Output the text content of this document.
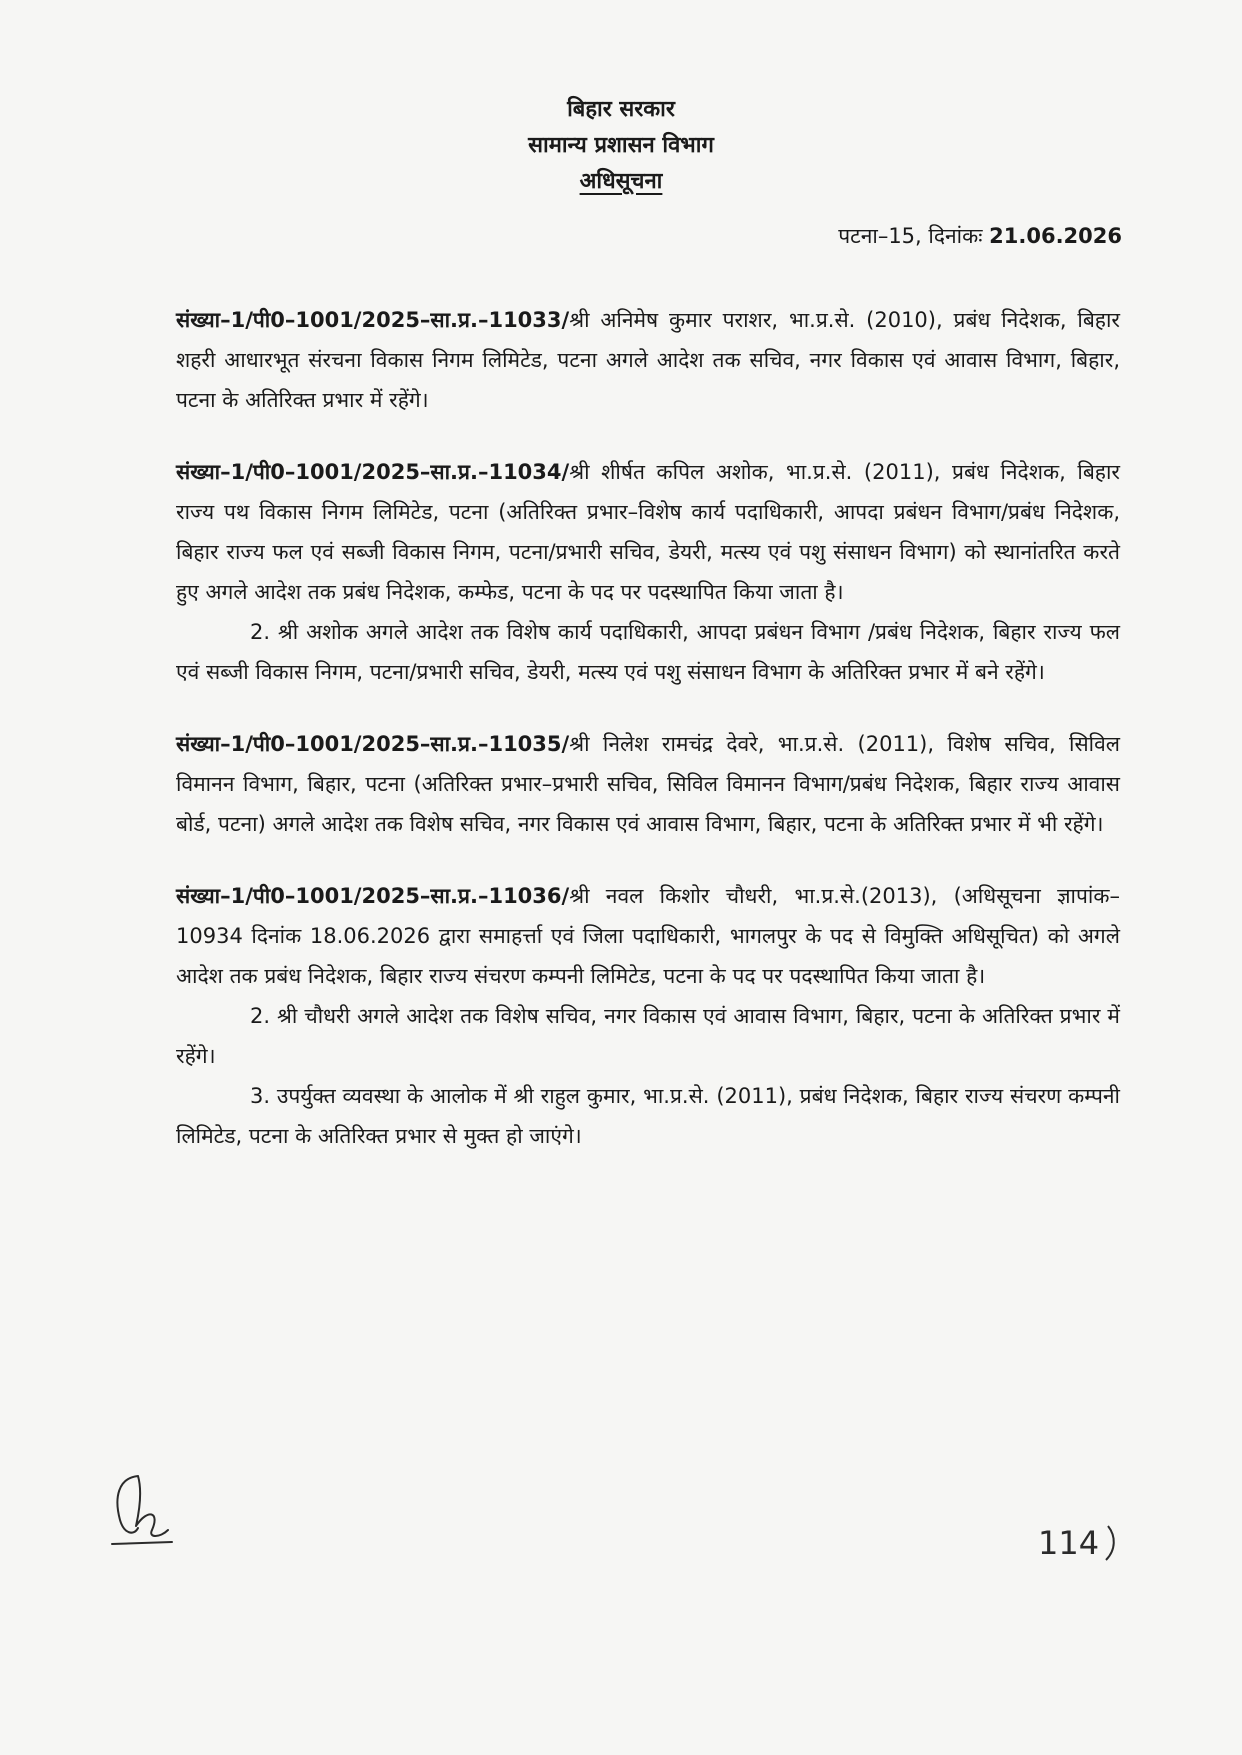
बिहार सरकार
सामान्य प्रशासन विभाग
अधिसूचना
पटना–15, दिनांकः 21.06.2026

संख्या–1/पी0–1001/2025–सा.प्र.–11033/श्री अनिमेष कुमार पराशर, भा.प्र.से. (2010), प्रबंध निदेशक, बिहार शहरी आधारभूत संरचना विकास निगम लिमिटेड, पटना अगले आदेश तक सचिव, नगर विकास एवं आवास विभाग, बिहार, पटना के अतिरिक्त प्रभार में रहेंगे।

संख्या–1/पी0–1001/2025–सा.प्र.–11034/श्री शीर्षत कपिल अशोक, भा.प्र.से. (2011), प्रबंध निदेशक, बिहार राज्य पथ विकास निगम लिमिटेड, पटना (अतिरिक्त प्रभार–विशेष कार्य पदाधिकारी, आपदा प्रबंधन विभाग/प्रबंध निदेशक, बिहार राज्य फल एवं सब्जी विकास निगम, पटना/प्रभारी सचिव, डेयरी, मत्स्य एवं पशु संसाधन विभाग) को स्थानांतरित करते हुए अगले आदेश तक प्रबंध निदेशक, कम्फेड, पटना के पद पर पदस्थापित किया जाता है।

2. श्री अशोक अगले आदेश तक विशेष कार्य पदाधिकारी, आपदा प्रबंधन विभाग /प्रबंध निदेशक, बिहार राज्य फल एवं सब्जी विकास निगम, पटना/प्रभारी सचिव, डेयरी, मत्स्य एवं पशु संसाधन विभाग के अतिरिक्त प्रभार में बने रहेंगे।

संख्या–1/पी0–1001/2025–सा.प्र.–11035/श्री निलेश रामचंद्र देवरे, भा.प्र.से. (2011), विशेष सचिव, सिविल विमानन विभाग, बिहार, पटना (अतिरिक्त प्रभार–प्रभारी सचिव, सिविल विमानन विभाग/प्रबंध निदेशक, बिहार राज्य आवास बोर्ड, पटना) अगले आदेश तक विशेष सचिव, नगर विकास एवं आवास विभाग, बिहार, पटना के अतिरिक्त प्रभार में भी रहेंगे।

संख्या–1/पी0–1001/2025–सा.प्र.–11036/श्री नवल किशोर चौधरी, भा.प्र.से.(2013), (अधिसूचना ज्ञापांक–10934 दिनांक 18.06.2026 द्वारा समाहर्त्ता एवं जिला पदाधिकारी, भागलपुर के पद से विमुक्ति अधिसूचित) को अगले आदेश तक प्रबंध निदेशक, बिहार राज्य संचरण कम्पनी लिमिटेड, पटना के पद पर पदस्थापित किया जाता है।

2. श्री चौधरी अगले आदेश तक विशेष सचिव, नगर विकास एवं आवास विभाग, बिहार, पटना के अतिरिक्त प्रभार में रहेंगे।

3. उपर्युक्त व्यवस्था के आलोक में श्री राहुल कुमार, भा.प्र.से. (2011), प्रबंध निदेशक, बिहार राज्य संचरण कम्पनी लिमिटेड, पटना के अतिरिक्त प्रभार से मुक्त हो जाएंगे।

114
